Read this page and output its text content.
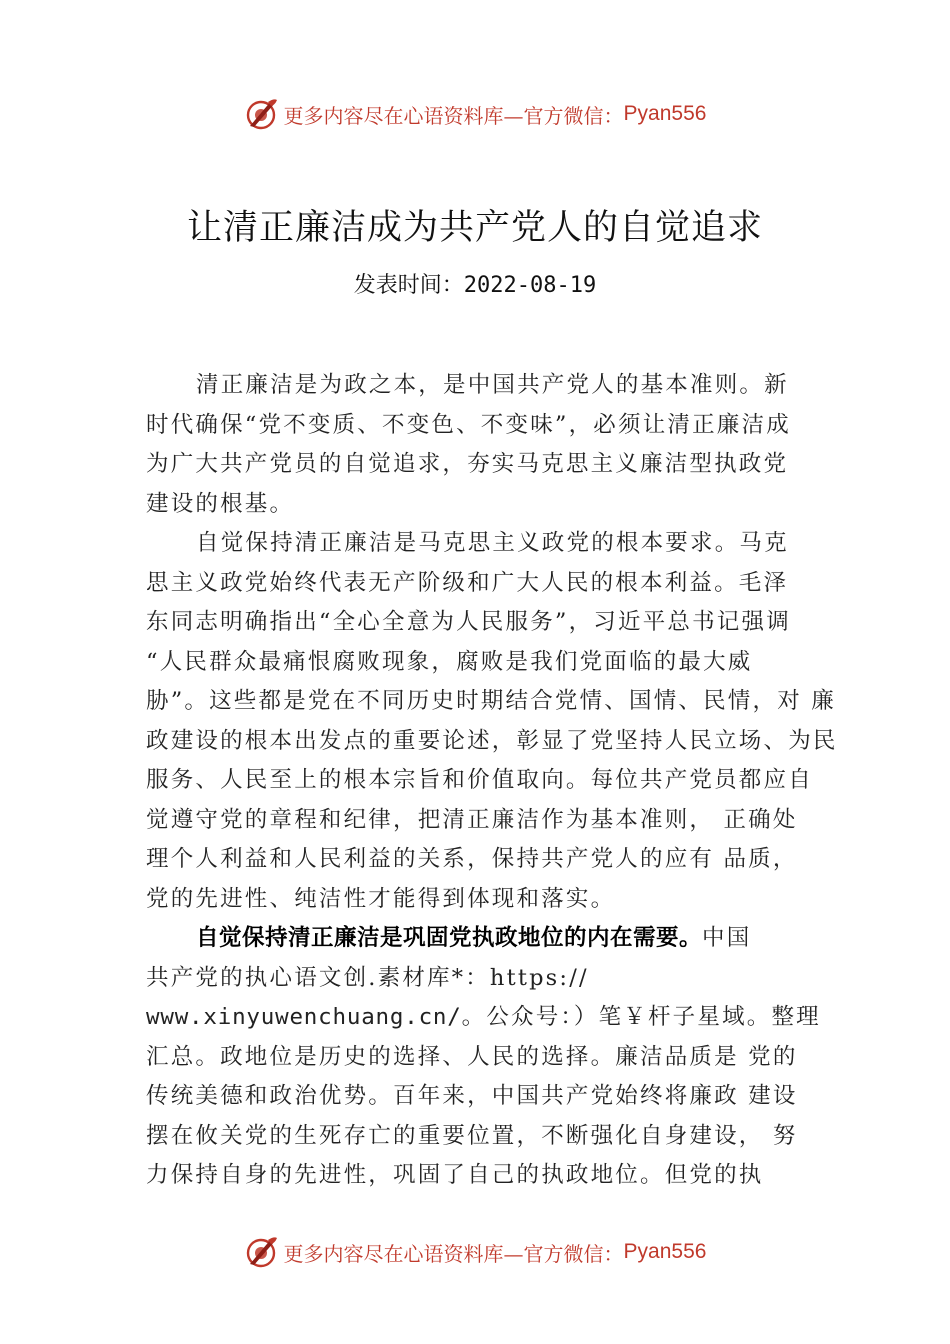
更多内容尽在心语资料库—官方微信： Pyan556
让清正廉洁成为共产党人的自觉追求
发表时间：2022-08-19
清正廉洁是为政之本，是中国共产党人的基本准则。新
时代确保“党不变质、不变色、不变味”，必须让清正廉洁成
为广大共产党员的自觉追求，夯实马克思主义廉洁型执政党
建设的根基。
自觉保持清正廉洁是马克思主义政党的根本要求。马克
思主义政党始终代表无产阶级和广大人民的根本利益。毛泽
东同志明确指出“全心全意为人民服务”，习近平总书记强调
“人民群众最痛恨腐败现象，腐败是我们党面临的最大威
胁”。这些都是党在不同历史时期结合党情、国情、民情，对 廉
政建设的根本出发点的重要论述，彰显了党坚持人民立场、为民
服务、人民至上的根本宗旨和价值取向。每位共产党员都应自
觉遵守党的章程和纪律，把清正廉洁作为基本准则， 正确处
理个人利益和人民利益的关系，保持共产党人的应有 品质，
党的先进性、纯洁性才能得到体现和落实。
自觉保持清正廉洁是巩固党执政地位的内在需要。中国
共产党的执心语文创.素材库*：https://
www.xinyuwenchuang.cn/。公众号：）笔￥杆子星域。整理
汇总。政地位是历史的选择、人民的选择。廉洁品质是 党的
传统美德和政治优势。百年来，中国共产党始终将廉政 建设
摆在攸关党的生死存亡的重要位置，不断强化自身建设， 努
力保持自身的先进性，巩固了自己的执政地位。但党的执
更多内容尽在心语资料库—官方微信： Pyan556
